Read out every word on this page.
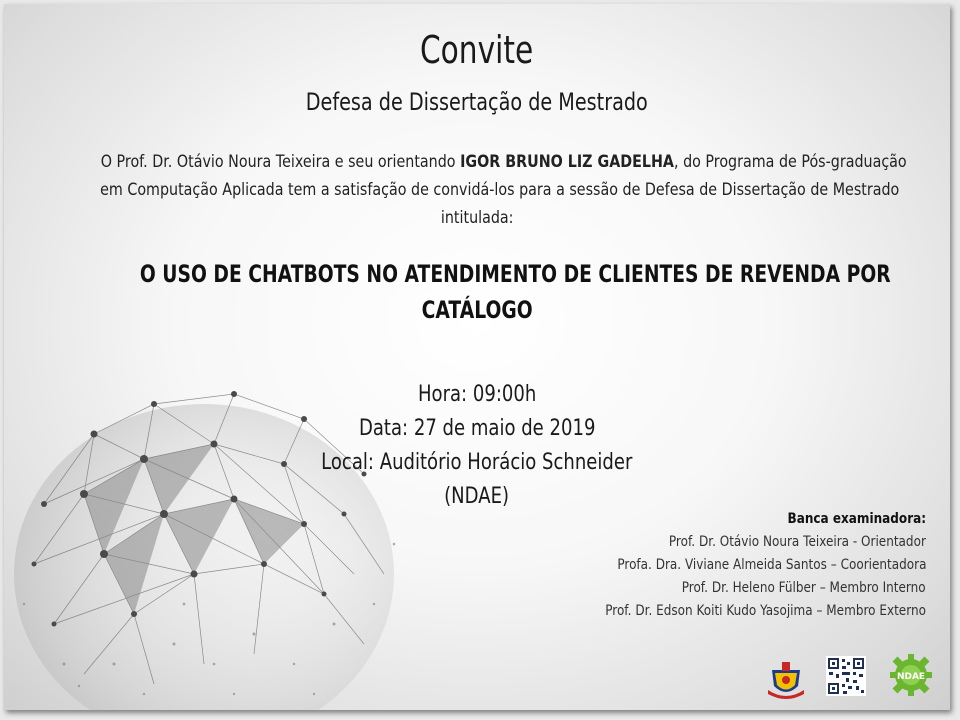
Convite
Defesa de Dissertação de Mestrado
O Prof. Dr. Otávio Noura Teixeira e seu orientando IGOR BRUNO LIZ GADELHA, do Programa de Pós-graduação
em Computação Aplicada tem a satisfação de convidá-los para a sessão de Defesa de Dissertação de Mestrado
intitulada:
O USO DE CHATBOTS NO ATENDIMENTO DE CLIENTES DE REVENDA POR
CATÁLOGO
Hora: 09:00h
Data: 27 de maio de 2019
Local: Auditório Horácio Schneider
(NDAE)
Banca examinadora:
Prof. Dr. Otávio Noura Teixeira - Orientador
Profa. Dra. Viviane Almeida Santos – Coorientadora
Prof. Dr. Heleno Fülber – Membro Interno
Prof. Dr. Edson Koiti Kudo Yasojima – Membro Externo
NDAE
